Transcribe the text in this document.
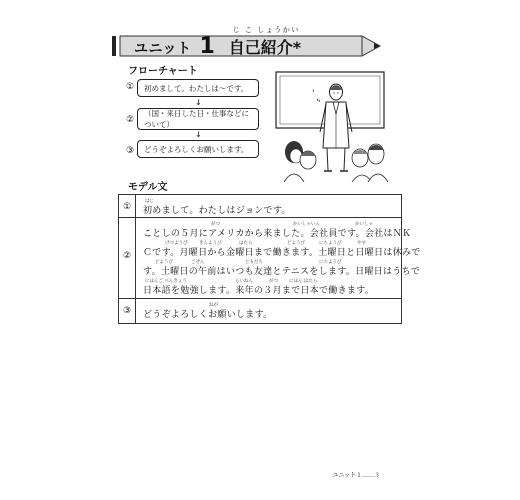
ユニット 1
じ こ しょうかい
自己紹介*
フローチャート
① 初めまして。わたしは～です。
↓
②
（国・来日した日・仕事などについて）
↓
③ どうぞよろしくお願いします。
,
'
'
モデル文
①
はじ
初めまして。わたしはジョンです。
②
がつ	かいしゃいん	かいしゃ
ことしの５月にアメリカから来ました。会社員です。会社はＮＫ
げつようび	きんようび	はたら	どようび	にちようび	やす
Ｃです。月曜日から金曜日まで働きます。土曜日と日曜日は休みで
どようび	ごぜん	ともだち	にちようび
す。土曜日の午前はいつも友達とテニスをします。日曜日はうちで
にほんご べんきょう	らいねん	がつ にほん はたら
日本語を勉強します。来年の３月まで日本で働きます。
③
ねが
どうぞよろしくお願いします。
ユニット１……３
